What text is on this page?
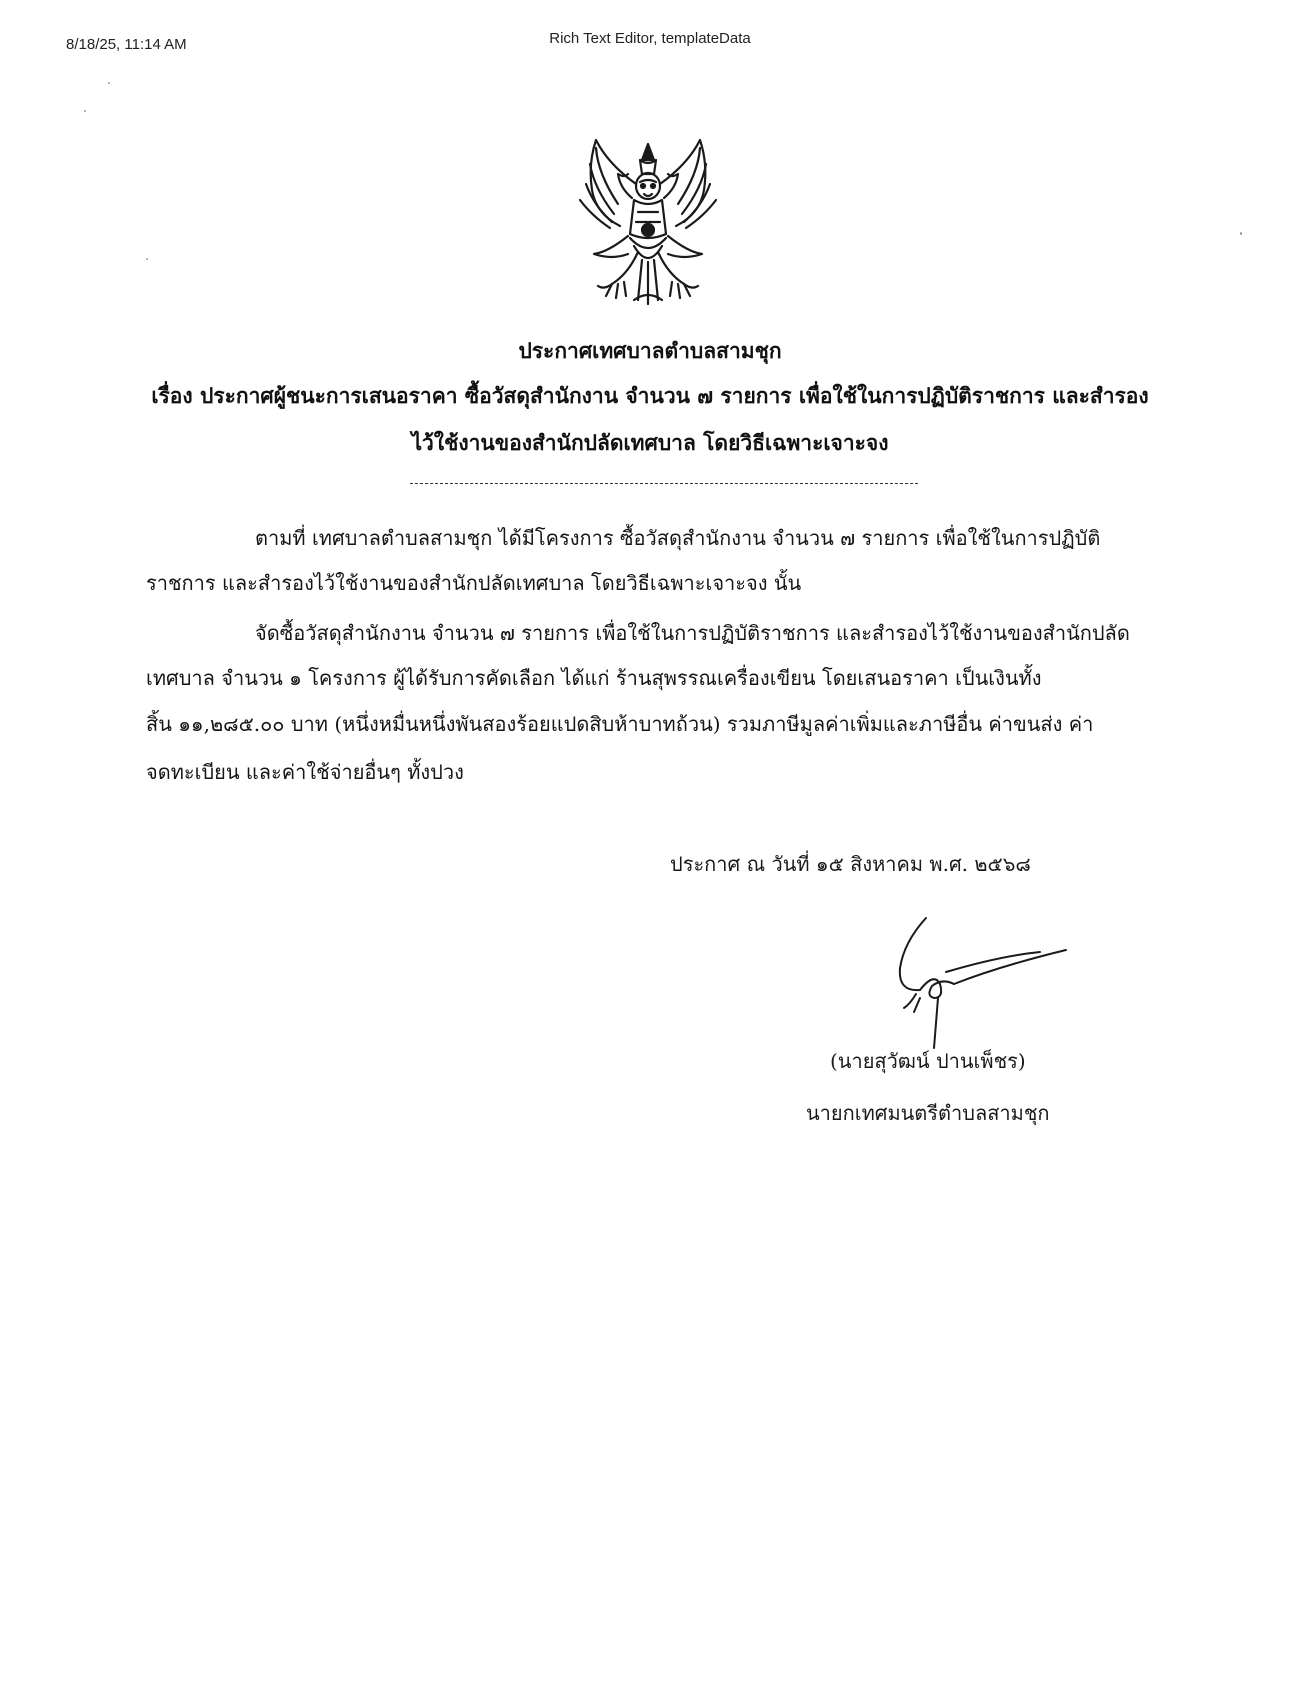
8/18/25, 11:14 AM	Rich Text Editor, templateData
ประกาศเทศบาลตำบลสามชุก
เรื่อง ประกาศผู้ชนะการเสนอราคา ซื้อวัสดุสำนักงาน จำนวน ๗ รายการ เพื่อใช้ในการปฏิบัติราชการ และสำรอง
ไว้ใช้งานของสำนักปลัดเทศบาล โดยวิธีเฉพาะเจาะจง
ตามที่ เทศบาลตำบลสามชุก ได้มีโครงการ ซื้อวัสดุสำนักงาน จำนวน ๗ รายการ เพื่อใช้ในการปฏิบัติ
ราชการ และสำรองไว้ใช้งานของสำนักปลัดเทศบาล โดยวิธีเฉพาะเจาะจง นั้น
จัดซื้อวัสดุสำนักงาน จำนวน ๗ รายการ เพื่อใช้ในการปฏิบัติราชการ และสำรองไว้ใช้งานของสำนักปลัด
เทศบาล จำนวน ๑ โครงการ ผู้ได้รับการคัดเลือก ได้แก่ ร้านสุพรรณเครื่องเขียน โดยเสนอราคา เป็นเงินทั้ง
สิ้น ๑๑,๒๘๕.๐๐ บาท (หนึ่งหมื่นหนึ่งพันสองร้อยแปดสิบห้าบาทถ้วน) รวมภาษีมูลค่าเพิ่มและภาษีอื่น ค่าขนส่ง ค่า
จดทะเบียน และค่าใช้จ่ายอื่นๆ ทั้งปวง
ประกาศ ณ วันที่ ๑๕ สิงหาคม พ.ศ. ๒๕๖๘
(นายสุวัฒน์ ปานเพ็ชร)
นายกเทศมนตรีตำบลสามชุก
